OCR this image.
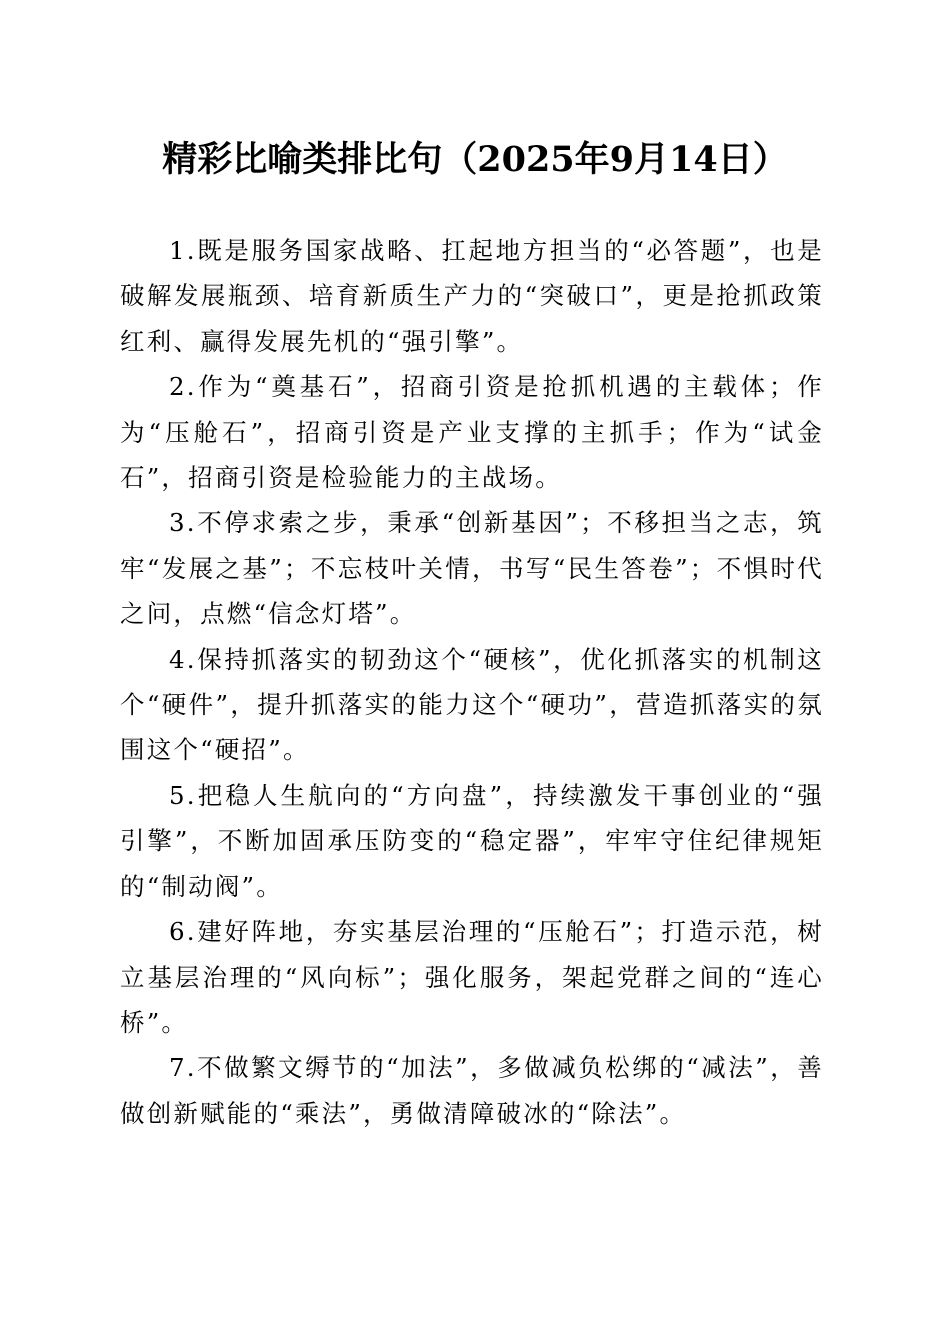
精彩比喻类排比句（2025年9月14日）

1.既是服务国家战略、扛起地方担当的“必答题”，也是破解发展瓶颈、培育新质生产力的“突破口”，更是抢抓政策红利、赢得发展先机的“强引擎”。

2.作为“奠基石”，招商引资是抢抓机遇的主载体；作为“压舱石”，招商引资是产业支撑的主抓手；作为“试金石”，招商引资是检验能力的主战场。

3.不停求索之步，秉承“创新基因”；不移担当之志，筑牢“发展之基”；不忘枝叶关情，书写“民生答卷”；不惧时代之问，点燃“信念灯塔”。

4.保持抓落实的韧劲这个“硬核”，优化抓落实的机制这个“硬件”，提升抓落实的能力这个“硬功”，营造抓落实的氛围这个“硬招”。

5.把稳人生航向的“方向盘”，持续激发干事创业的“强引擎”，不断加固承压防变的“稳定器”，牢牢守住纪律规矩的“制动阀”。

6.建好阵地，夯实基层治理的“压舱石”；打造示范，树立基层治理的“风向标”；强化服务，架起党群之间的“连心桥”。

7.不做繁文缛节的“加法”，多做减负松绑的“减法”，善做创新赋能的“乘法”，勇做清障破冰的“除法”。
